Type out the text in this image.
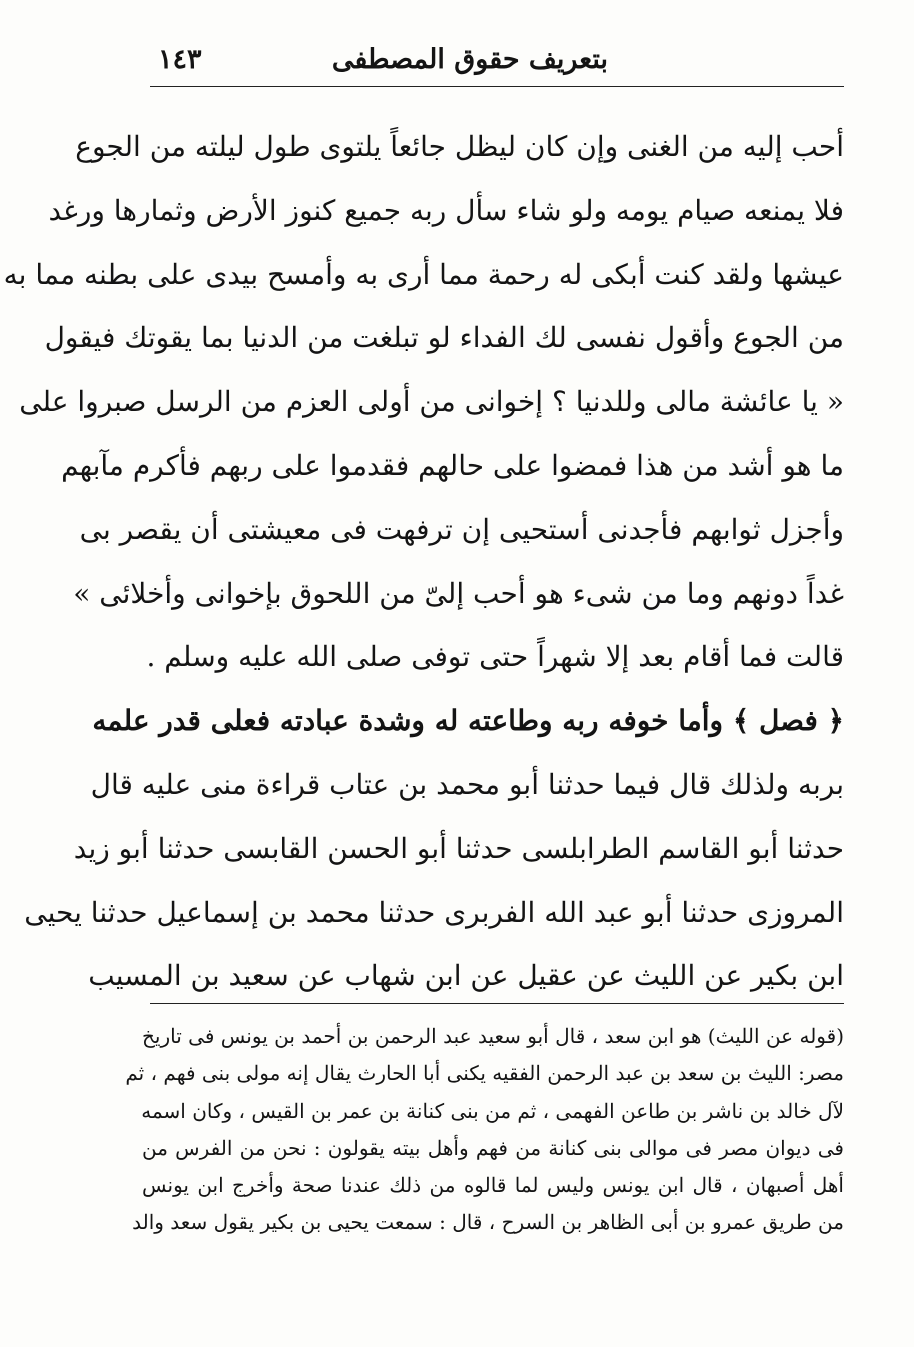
بتعريف حقوق المصطفى
١٤٣
أحب إليه من الغنى وإن كان ليظل جائعاً يلتوى طول ليلته من الجوع
فلا يمنعه صيام يومه ولو شاء سأل ربه جميع كنوز الأرض وثمارها ورغد
عيشها ولقد كنت أبكى له رحمة مما أرى به وأمسح بيدى على بطنه مما به
من الجوع وأقول نفسى لك الفداء لو تبلغت من الدنيا بما يقوتك فيقول
« يا عائشة مالى وللدنيا ؟ إخوانى من أولى العزم من الرسل صبروا على
ما هو أشد من هذا فمضوا على حالهم فقدموا على ربهم فأكرم مآبهم
وأجزل ثوابهم فأجدنى أستحيى إن ترفهت فى معيشتى أن يقصر بى
غداً دونهم وما من شىء هو أحب إلىّ من اللحوق بإخوانى وأخلائى »
قالت فما أقام بعد إلا شهراً حتى توفى صلى الله عليه وسلم .
﴿ فصل ﴾ وأما خوفه ربه وطاعته له وشدة عبادته فعلى قدر علمه
بربه ولذلك قال فيما حدثنا أبو محمد بن عتاب قراءة منى عليه قال
حدثنا أبو القاسم الطرابلسى حدثنا أبو الحسن القابسى حدثنا أبو زيد
المروزى حدثنا أبو عبد الله الفربرى حدثنا محمد بن إسماعيل حدثنا يحيى
ابن بكير عن الليث عن عقيل عن ابن شهاب عن سعيد بن المسيب
(قوله عن الليث) هو ابن سعد ، قال أبو سعيد عبد الرحمن بن أحمد بن يونس فى تاريخ
مصر: الليث بن سعد بن عبد الرحمن الفقيه يكنى أبا الحارث يقال إنه مولى بنى فهم ، ثم
لآل خالد بن ناشر بن طاعن الفهمى ، ثم من بنى كنانة بن عمر بن القيس ، وكان اسمه
فى ديوان مصر فى موالى بنى كنانة من فهم وأهل بيته يقولون : نحن من الفرس من
أهل أصبهان ، قال ابن يونس وليس لما قالوه من ذلك عندنا صحة وأخرج ابن يونس
من طريق عمرو بن أبى الظاهر بن السرح ، قال : سمعت يحيى بن بكير يقول سعد والد
